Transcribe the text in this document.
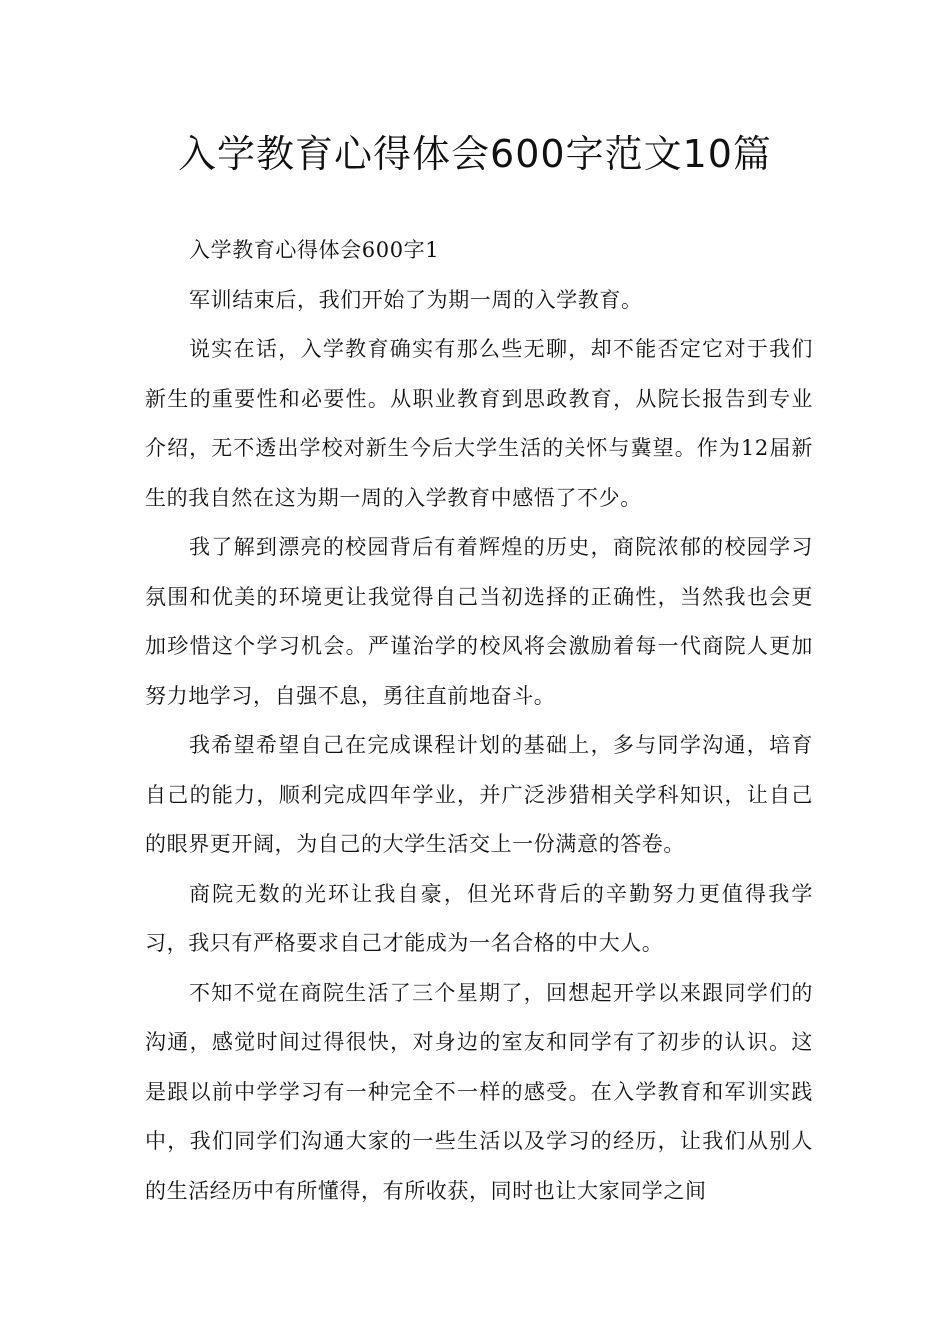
入学教育心得体会600字范文10篇

入学教育心得体会600字1

军训结束后，我们开始了为期一周的入学教育。

说实在话，入学教育确实有那么些无聊，却不能否定它对于我们新生的重要性和必要性。从职业教育到思政教育，从院长报告到专业介绍，无不透出学校对新生今后大学生活的关怀与冀望。作为12届新生的我自然在这为期一周的入学教育中感悟了不少。

我了解到漂亮的校园背后有着辉煌的历史，商院浓郁的校园学习氛围和优美的环境更让我觉得自己当初选择的正确性，当然我也会更加珍惜这个学习机会。严谨治学的校风将会激励着每一代商院人更加努力地学习，自强不息，勇往直前地奋斗。

我希望希望自己在完成课程计划的基础上，多与同学沟通，培育自己的能力，顺利完成四年学业，并广泛涉猎相关学科知识，让自己的眼界更开阔，为自己的大学生活交上一份满意的答卷。

商院无数的光环让我自豪，但光环背后的辛勤努力更值得我学习，我只有严格要求自己才能成为一名合格的中大人。

不知不觉在商院生活了三个星期了，回想起开学以来跟同学们的沟通，感觉时间过得很快，对身边的室友和同学有了初步的认识。这是跟以前中学学习有一种完全不一样的感受。在入学教育和军训实践中，我们同学们沟通大家的一些生活以及学习的经历，让我们从别人的生活经历中有所懂得，有所收获，同时也让大家同学之间
